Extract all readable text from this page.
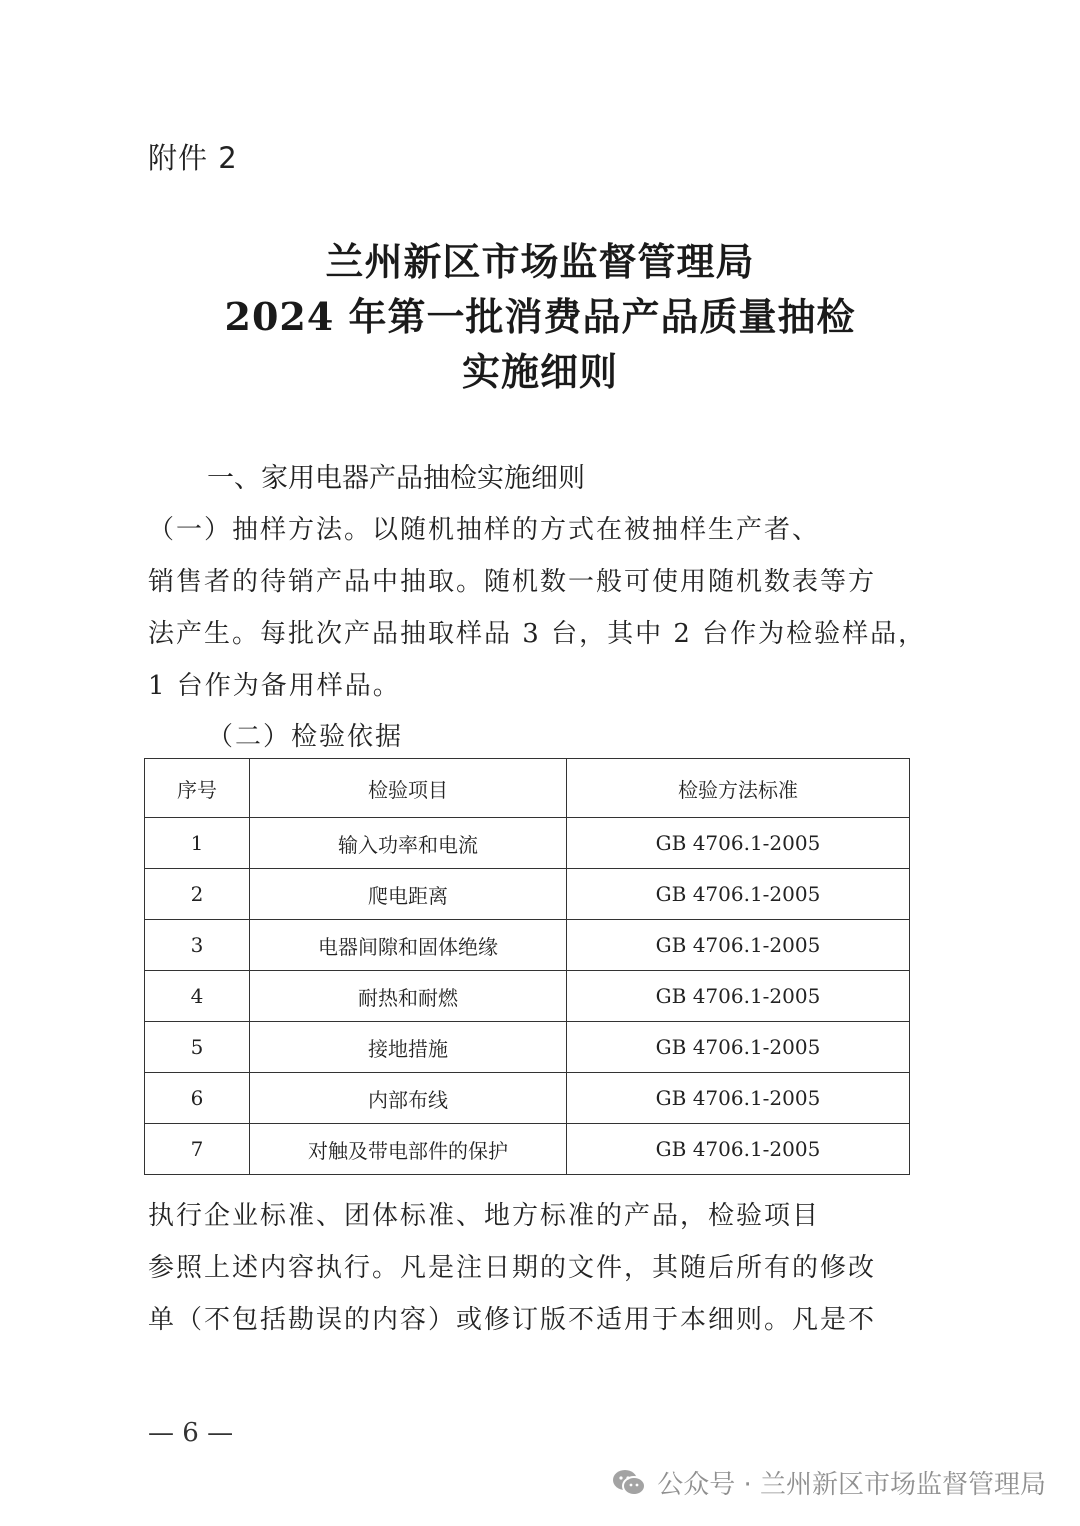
附件 2
兰州新区市场监督管理局
2024 年第一批消费品产品质量抽检
实施细则
一、家用电器产品抽检实施细则
（一）抽样方法。以随机抽样的方式在被抽样生产者、
销售者的待销产品中抽取。随机数一般可使用随机数表等方
法产生。每批次产品抽取样品 3 台，其中 2 台作为检验样品，
1 台作为备用样品。
（二）检验依据
序号	检验项目	检验方法标准
1	输入功率和电流	GB 4706.1-2005
2	爬电距离	GB 4706.1-2005
3	电器间隙和固体绝缘	GB 4706.1-2005
4	耐热和耐燃	GB 4706.1-2005
5	接地措施	GB 4706.1-2005
6	内部布线	GB 4706.1-2005
7	对触及带电部件的保护	GB 4706.1-2005
执行企业标准、团体标准、地方标准的产品，检验项目
参照上述内容执行。凡是注日期的文件，其随后所有的修改
单（不包括勘误的内容）或修订版不适用于本细则。凡是不
— 6 —
公众号 · 兰州新区市场监督管理局
